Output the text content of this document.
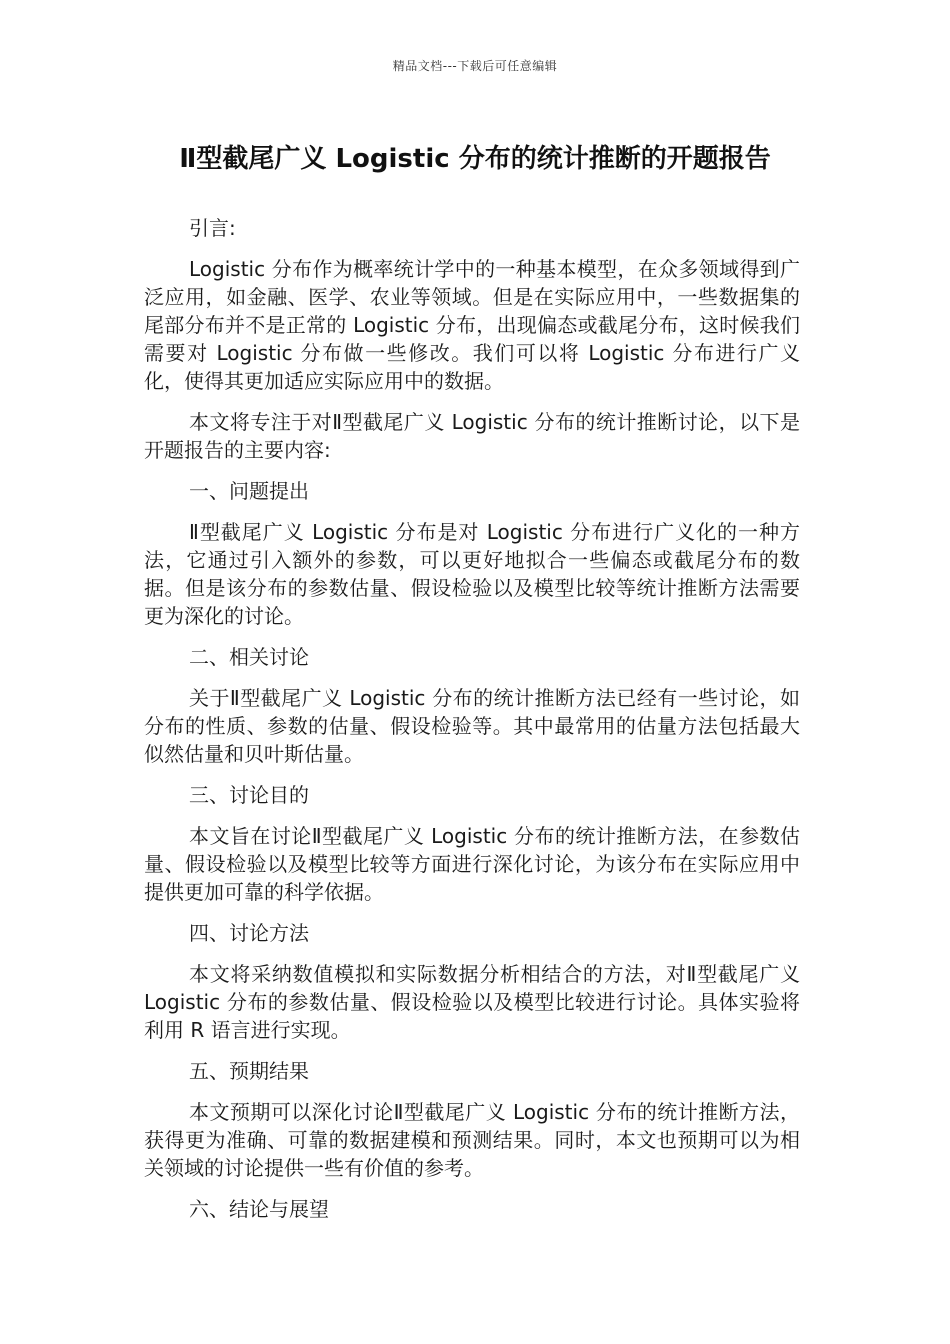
精品文档---下载后可任意编辑
Ⅱ型截尾广义 Logistic 分布的统计推断的开题报告

引言:

Logistic 分布作为概率统计学中的一种基本模型，在众多领域得到广泛应用，如金融、医学、农业等领域。但是在实际应用中，一些数据集的尾部分布并不是正常的 Logistic 分布，出现偏态或截尾分布，这时候我们需要对 Logistic 分布做一些修改。我们可以将 Logistic 分布进行广义化，使得其更加适应实际应用中的数据。

本文将专注于对Ⅱ型截尾广义 Logistic 分布的统计推断讨论，以下是开题报告的主要内容:

一、问题提出

Ⅱ型截尾广义 Logistic 分布是对 Logistic 分布进行广义化的一种方法，它通过引入额外的参数，可以更好地拟合一些偏态或截尾分布的数据。但是该分布的参数估量、假设检验以及模型比较等统计推断方法需要更为深化的讨论。

二、相关讨论

关于Ⅱ型截尾广义 Logistic 分布的统计推断方法已经有一些讨论，如分布的性质、参数的估量、假设检验等。其中最常用的估量方法包括最大似然估量和贝叶斯估量。

三、讨论目的

本文旨在讨论Ⅱ型截尾广义 Logistic 分布的统计推断方法，在参数估量、假设检验以及模型比较等方面进行深化讨论，为该分布在实际应用中提供更加可靠的科学依据。

四、讨论方法

本文将采纳数值模拟和实际数据分析相结合的方法，对Ⅱ型截尾广义 Logistic 分布的参数估量、假设检验以及模型比较进行讨论。具体实验将利用 R 语言进行实现。

五、预期结果

本文预期可以深化讨论Ⅱ型截尾广义 Logistic 分布的统计推断方法，获得更为准确、可靠的数据建模和预测结果。同时，本文也预期可以为相关领域的讨论提供一些有价值的参考。

六、结论与展望
